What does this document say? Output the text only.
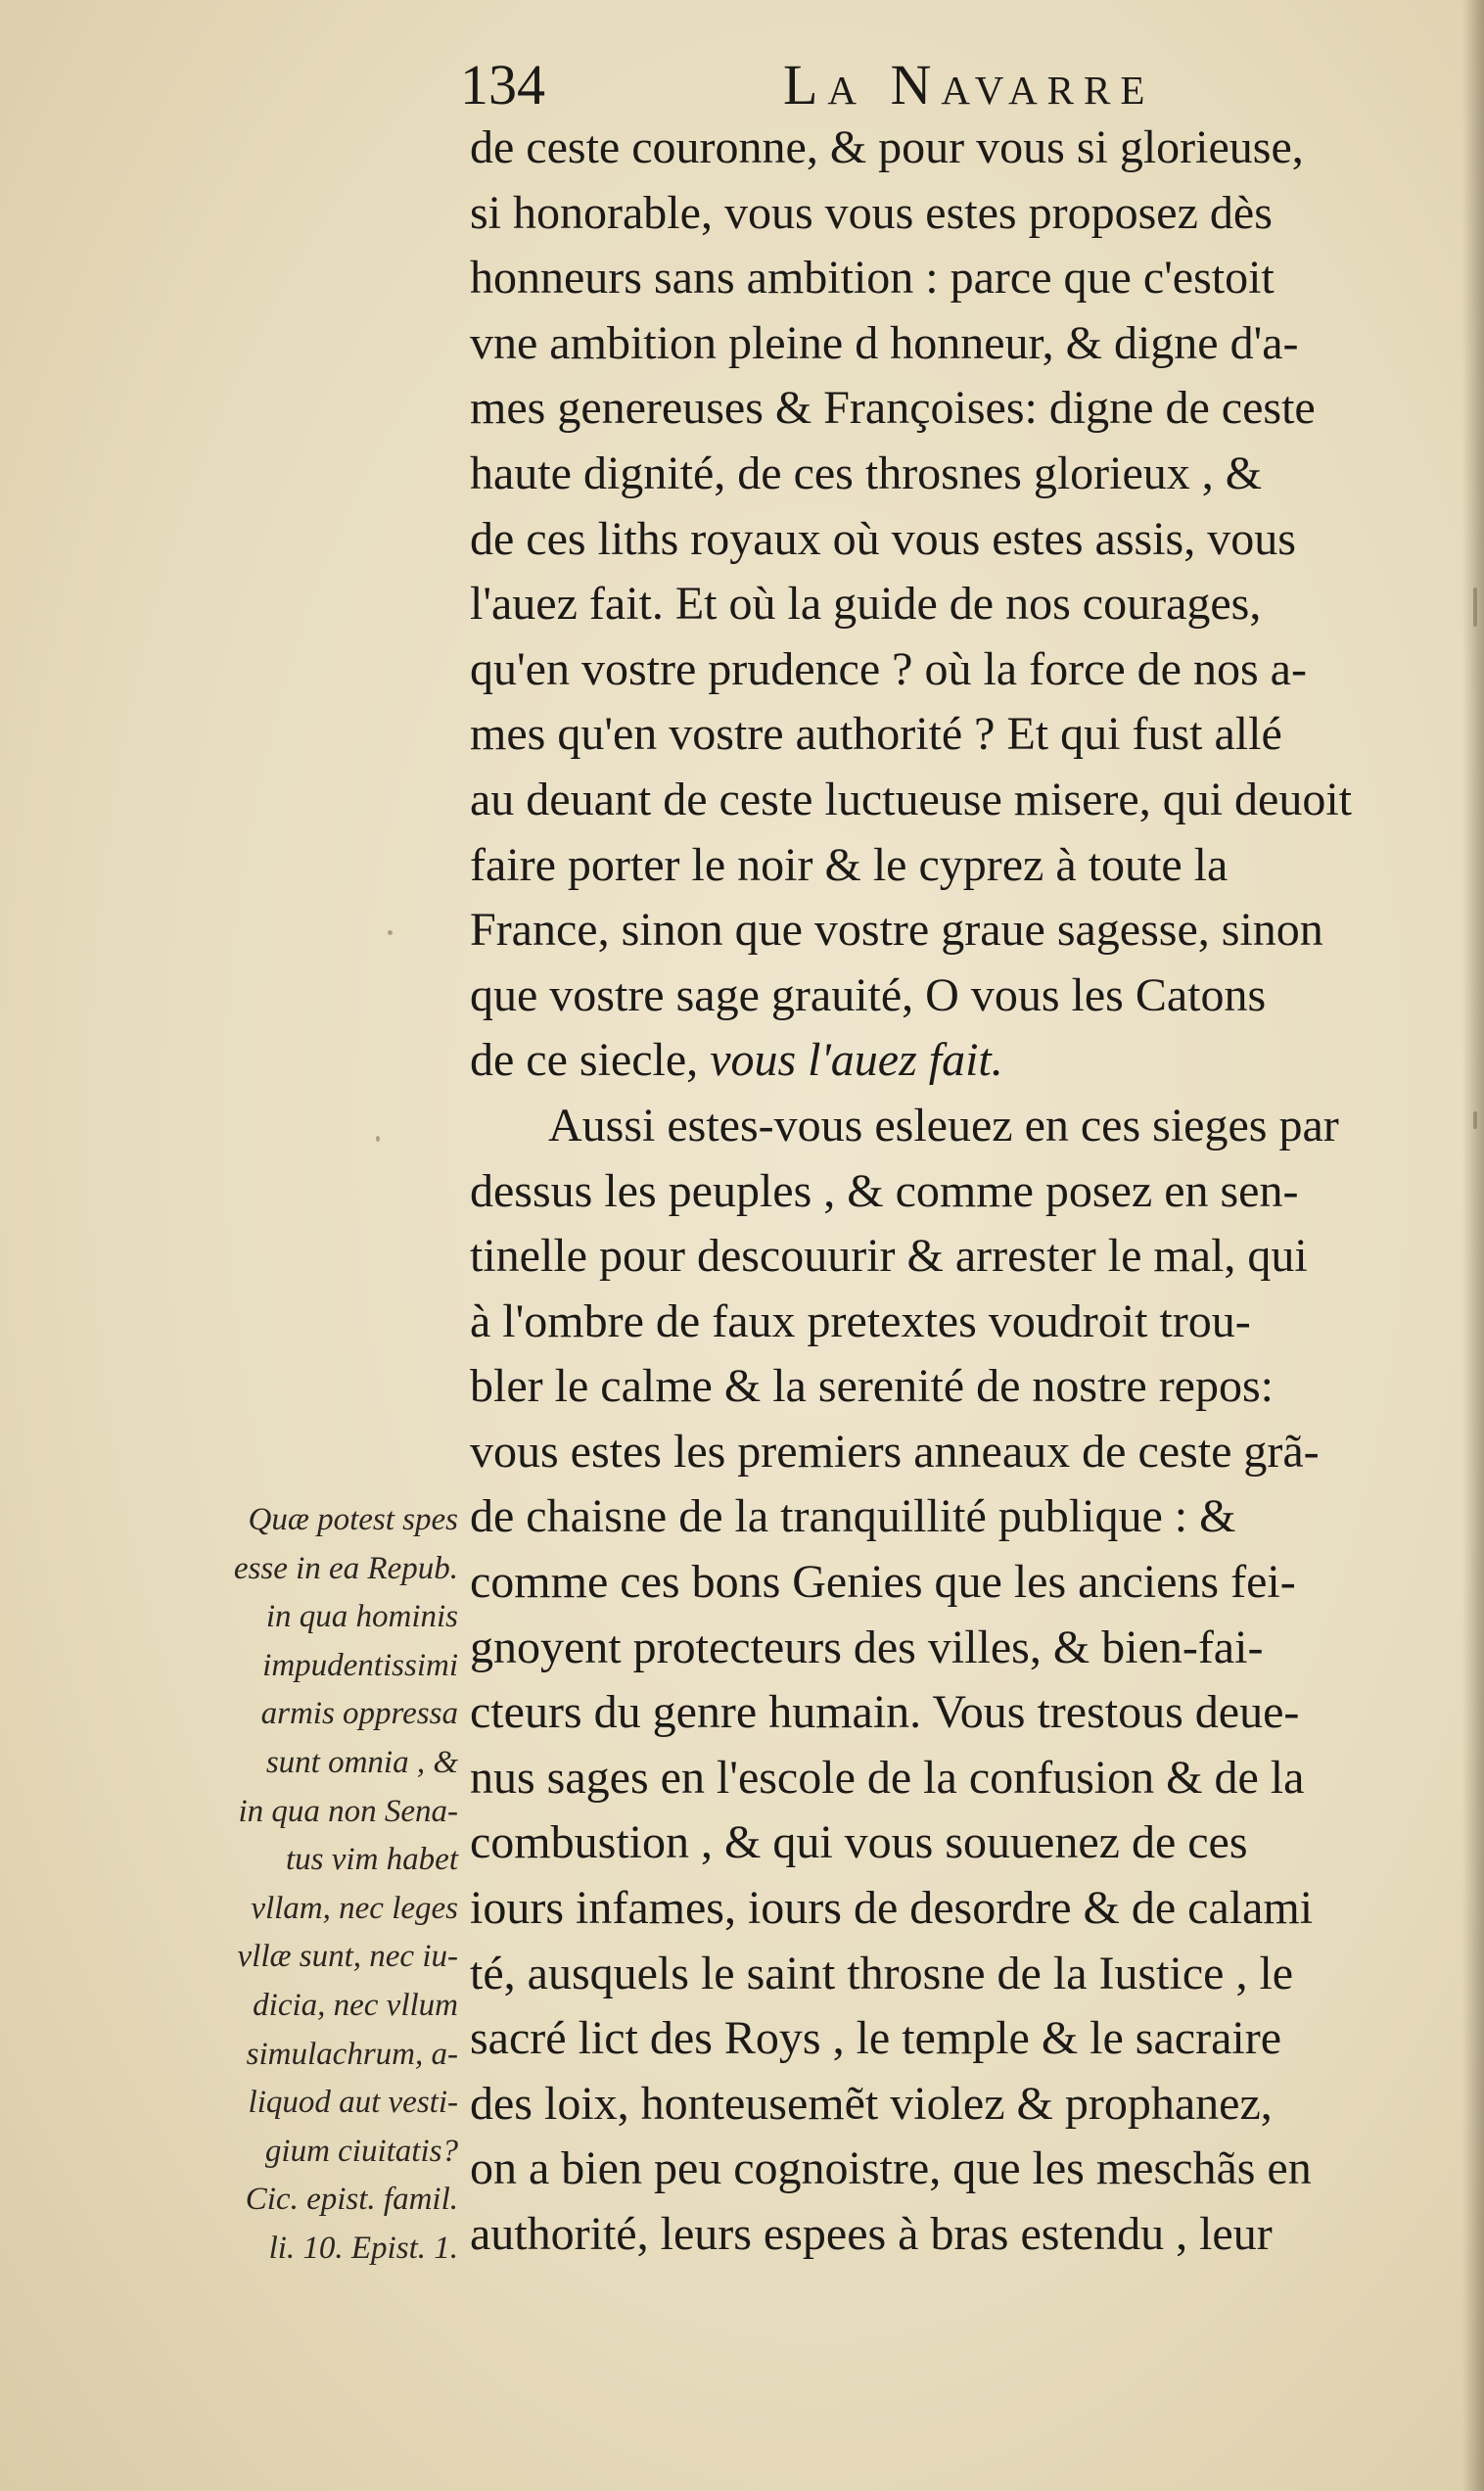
134	La Navarre

de ceste couronne, & pour vous si glorieuse,

si honorable, vous vous estes proposez dès

honneurs sans ambition : parce que c'estoit

vne ambition pleine d honneur, & digne d'a-

mes genereuses & Françoises: digne de ceste

haute dignité, de ces throsnes glorieux , &

de ces liths royaux où vous estes assis, vous

l'auez fait. Et où la guide de nos courages,

qu'en vostre prudence ? où la force de nos a-

mes qu'en vostre authorité ? Et qui fust allé

au deuant de ceste luctueuse misere, qui deuoit

faire porter le noir & le cyprez à toute la

France, sinon que vostre graue sagesse, sinon

que vostre sage grauité, O vous les Catons

de ce siecle, vous l'auez fait.

Aussi estes-vous esleuez en ces sieges par

dessus les peuples , & comme posez en sen-

tinelle pour descouurir & arrester le mal, qui

à l'ombre de faux pretextes voudroit trou-

bler le calme & la serenité de nostre repos:

vous estes les premiers anneaux de ceste grã-

de chaisne de la tranquillité publique : &

comme ces bons Genies que les anciens fei-

gnoyent protecteurs des villes, & bien-fai-

cteurs du genre humain. Vous trestous deue-

nus sages en l'escole de la confusion & de la

combustion , & qui vous souuenez de ces

iours infames, iours de desordre & de calami

té, ausquels le saint throsne de la Iustice , le

sacré lict des Roys , le temple & le sacraire

des loix, honteusemẽt violez & prophanez,

on a bien peu cognoistre, que les meschãs en

authorité, leurs espees à bras estendu , leur

Quæ potest spes
esse in ea Repub.
in qua hominis
impudentissimi
armis oppressa
sunt omnia , &
in qua non Sena-
tus vim habet
vllam, nec leges
vllæ sunt, nec iu-
dicia, nec vllum
simulachrum, a-
liquod aut vesti-
gium ciuitatis?
Cic. epist. famil.
li. 10. Epist. 1.
